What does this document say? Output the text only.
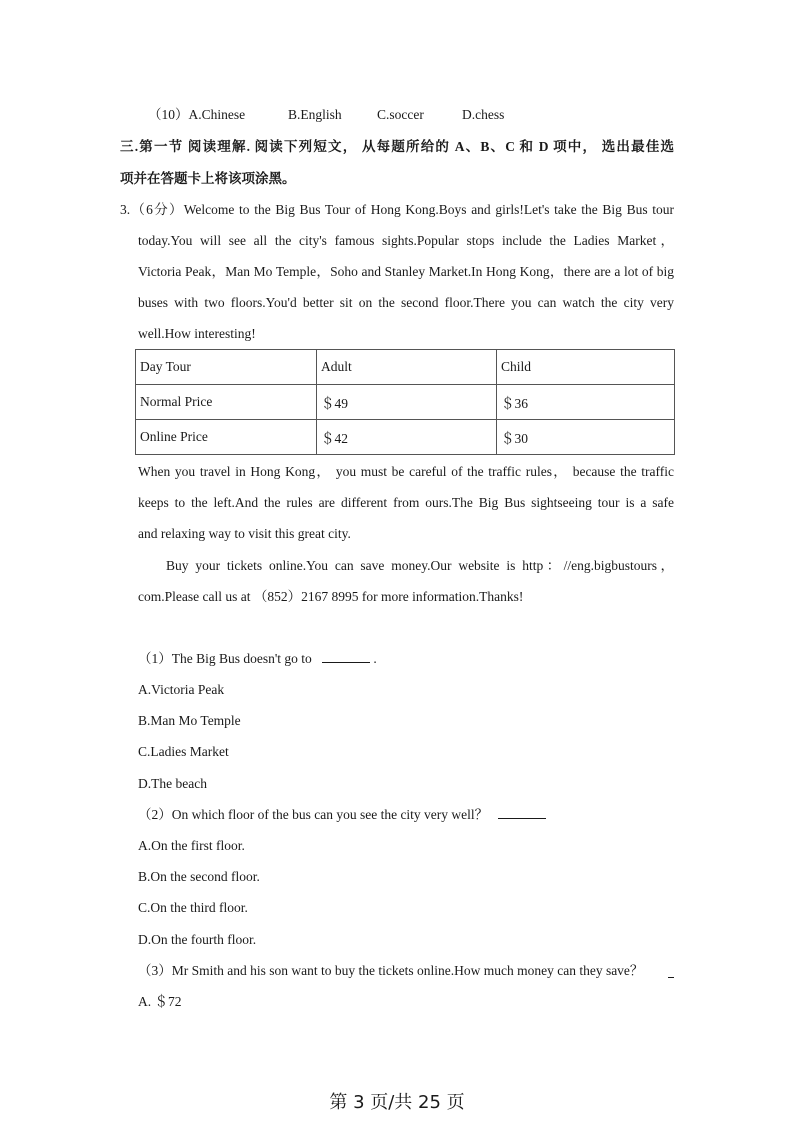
（10）A.Chinese	B.English	C.soccer	D.chess
三.第一节 阅读理解. 阅读下列短文， 从每题所给的 A、B、C 和 D 项中， 选出最佳选
项并在答题卡上将该项涂黑。
3.（6分）Welcome to the Big Bus Tour of Hong Kong.Boys and girls!Let's take the Big Bus tour
today.You will see all the city's famous sights.Popular stops include the Ladies Market，
Victoria Peak，Man Mo Temple，Soho and Stanley Market.In Hong Kong，there are a lot of big
buses with two floors.You'd better sit on the second floor.There you can watch the city very
well.How interesting!
Day Tour	Adult	Child
Normal Price	＄49	＄36
Online Price	＄42	＄30
When you travel in Hong Kong， you must be careful of the traffic rules， because the traffic
keeps to the left.And the rules are different from ours.The Big Bus sightseeing tour is a safe
and relaxing way to visit this great city.
Buy your tickets online.You can save money.Our website is http：//eng.bigbustours，
com.Please call us at （852）2167 8995 for more information.Thanks!
（1）The Big Bus doesn't go to	.
A.Victoria Peak
B.Man Mo Temple
C.Ladies Market
D.The beach
（2）On which floor of the bus can you see the city very well？
A.On the first floor.
B.On the second floor.
C.On the third floor.
D.On the fourth floor.
（3）Mr Smith and his son want to buy the tickets online.How much money can they save？
A. ＄72
第 3 页/共 25 页
